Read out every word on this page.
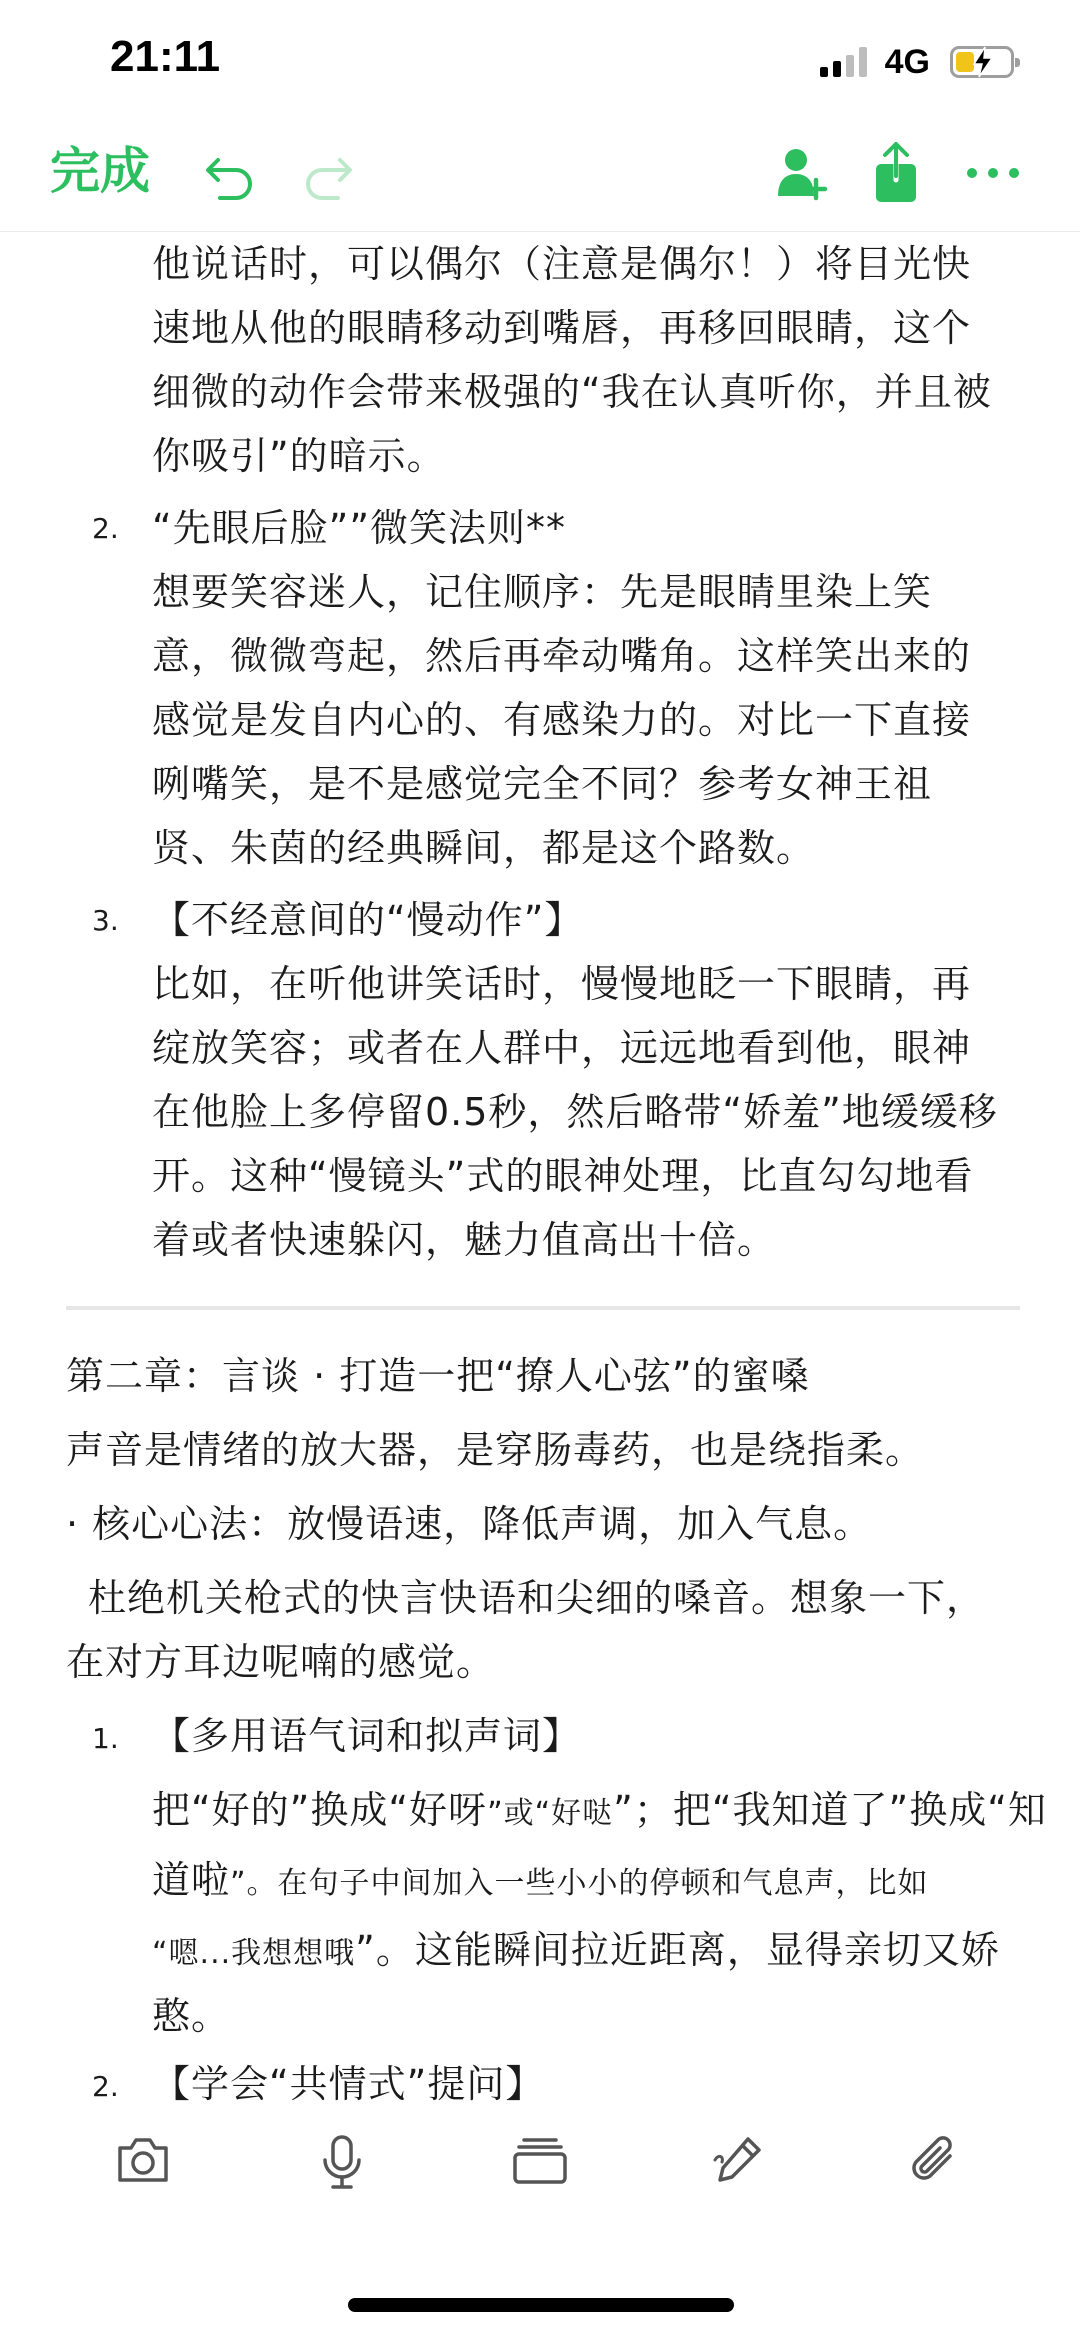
21:11	4G
完成

他说话时，可以偶尔（注意是偶尔！）将目光快

速地从他的眼睛移动到嘴唇，再移回眼睛，这个

细微的动作会带来极强的“我在认真听你，并且被

你吸引”的暗示。

2. “先眼后脸””微笑法则**

想要笑容迷人，记住顺序：先是眼睛里染上笑

意，微微弯起，然后再牵动嘴角。这样笑出来的

感觉是发自内心的、有感染力的。对比一下直接

咧嘴笑，是不是感觉完全不同？参考女神王祖

贤、朱茵的经典瞬间，都是这个路数。

3. 【不经意间的“慢动作”】

比如，在听他讲笑话时，慢慢地眨一下眼睛，再

绽放笑容；或者在人群中，远远地看到他，眼神

在他脸上多停留0.5秒，然后略带“娇羞”地缓缓移

开。这种“慢镜头”式的眼神处理，比直勾勾地看

着或者快速躲闪，魅力值高出十倍。

第二章：言谈 · 打造一把“撩人心弦”的蜜嗓

声音是情绪的放大器，是穿肠毒药，也是绕指柔。

· 核心心法：放慢语速，降低声调，加入气息。

杜绝机关枪式的快言快语和尖细的嗓音。想象一下，

在对方耳边呢喃的感觉。

1. 【多用语气词和拟声词】

把“好的”换成“好呀”或“好哒”；把“我知道了”换成“知

道啦”。在句子中间加入一些小小的停顿和气息声，比如

“嗯...我想想哦”。这能瞬间拉近距离，显得亲切又娇

憨。

2. 【学会“共情式”提问】
